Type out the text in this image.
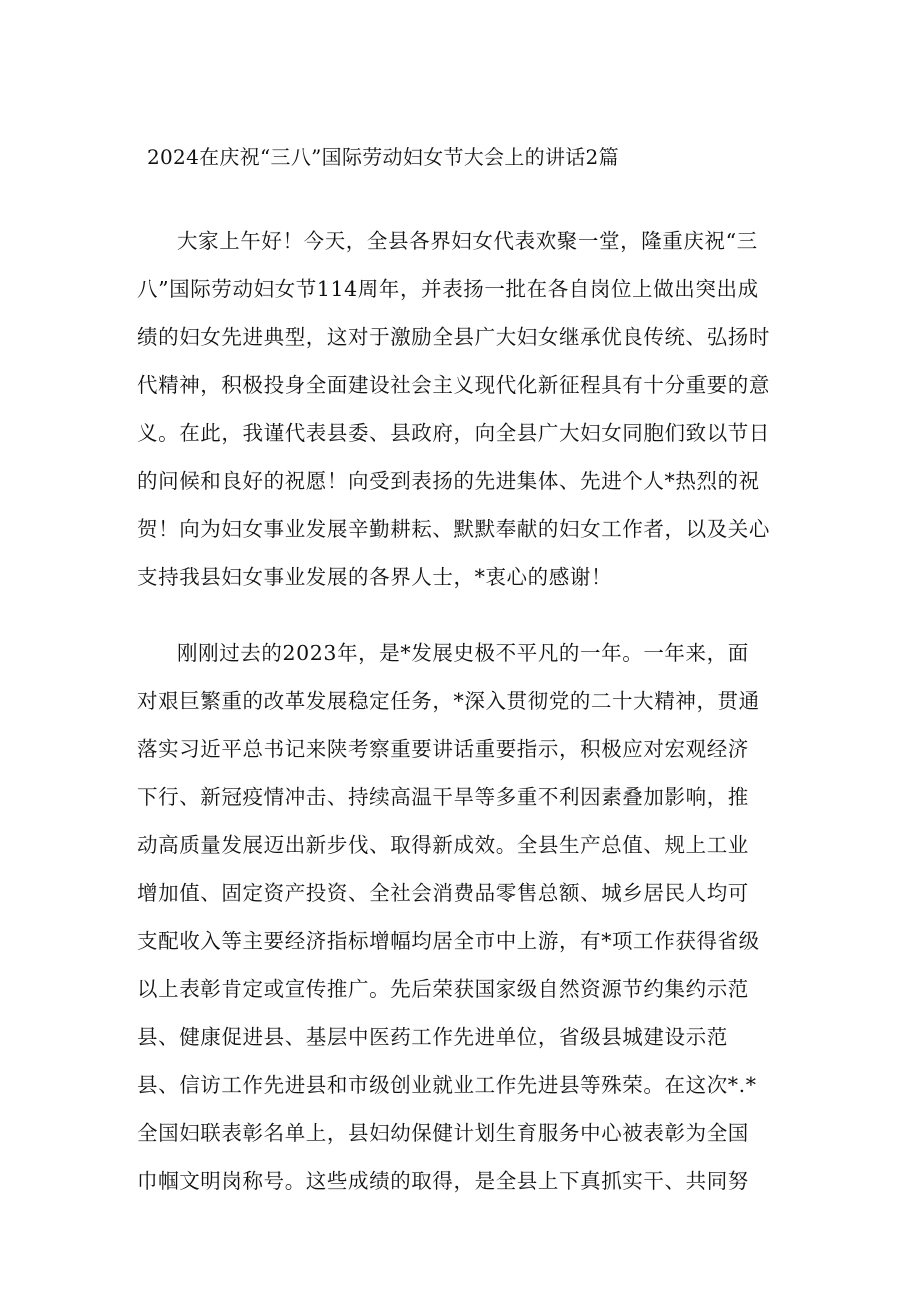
2024在庆祝“三八”国际劳动妇女节大会上的讲话2篇
大家上午好！今天，全县各界妇女代表欢聚一堂，隆重庆祝“三
八”国际劳动妇女节114周年，并表扬一批在各自岗位上做出突出成
绩的妇女先进典型，这对于激励全县广大妇女继承优良传统、弘扬时
代精神，积极投身全面建设社会主义现代化新征程具有十分重要的意
义。在此，我谨代表县委、县政府，向全县广大妇女同胞们致以节日
的问候和良好的祝愿！向受到表扬的先进集体、先进个人*热烈的祝
贺！向为妇女事业发展辛勤耕耘、默默奉献的妇女工作者，以及关心
支持我县妇女事业发展的各界人士，*衷心的感谢！
刚刚过去的2023年，是*发展史极不平凡的一年。一年来，面
对艰巨繁重的改革发展稳定任务，*深入贯彻党的二十大精神，贯通
落实习近平总书记来陕考察重要讲话重要指示，积极应对宏观经济
下行、新冠疫情冲击、持续高温干旱等多重不利因素叠加影响，推
动高质量发展迈出新步伐、取得新成效。全县生产总值、规上工业
增加值、固定资产投资、全社会消费品零售总额、城乡居民人均可
支配收入等主要经济指标增幅均居全市中上游，有*项工作获得省级
以上表彰肯定或宣传推广。先后荣获国家级自然资源节约集约示范
县、健康促进县、基层中医药工作先进单位，省级县城建设示范
县、信访工作先进县和市级创业就业工作先进县等殊荣。在这次*.*
全国妇联表彰名单上，县妇幼保健计划生育服务中心被表彰为全国
巾帼文明岗称号。这些成绩的取得，是全县上下真抓实干、共同努
